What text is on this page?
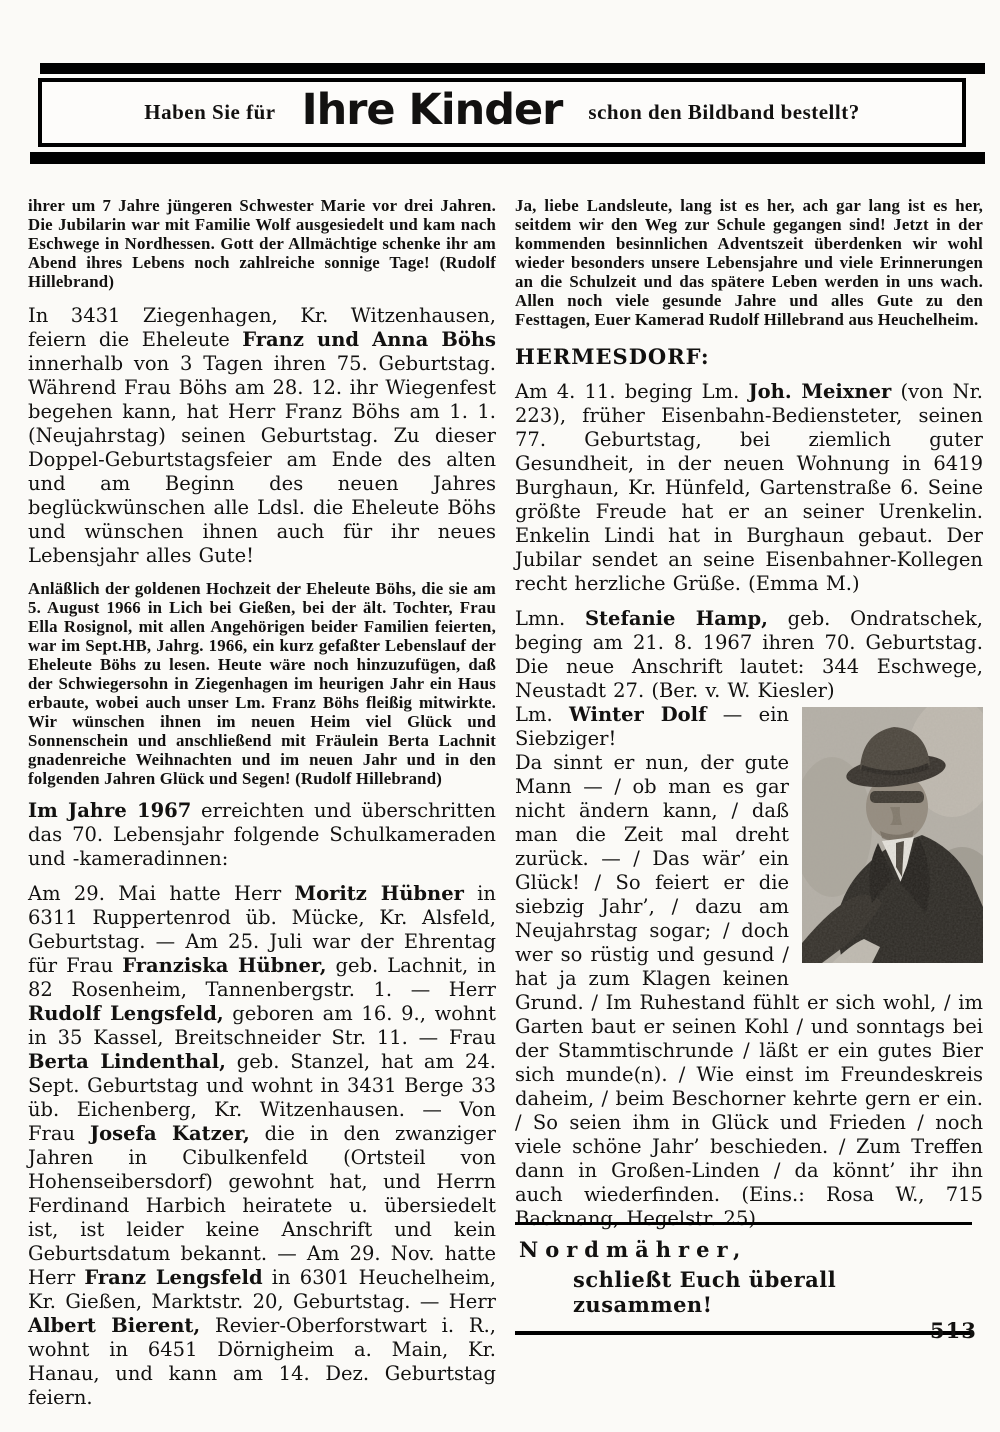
Haben Sie für Ihre Kinder schon den Bildband bestellt?

ihrer um 7 Jahre jüngeren Schwester Marie vor drei Jahren. Die Jubilarin war mit Familie Wolf ausgesiedelt und kam nach Eschwege in Nordhessen. Gott der Allmächtige schenke ihr am Abend ihres Lebens noch zahlreiche sonnige Tage! (Rudolf Hillebrand)

In 3431 Ziegenhagen, Kr. Witzenhausen, feiern die Eheleute Franz und Anna Böhs innerhalb von 3 Tagen ihren 75. Geburtstag. Während Frau Böhs am 28. 12. ihr Wiegenfest begehen kann, hat Herr Franz Böhs am 1. 1. (Neujahrstag) seinen Geburtstag. Zu dieser Doppel-Geburtstagsfeier am Ende des alten und am Beginn des neuen Jahres beglückwünschen alle Ldsl. die Eheleute Böhs und wünschen ihnen auch für ihr neues Lebensjahr alles Gute!

Anläßlich der goldenen Hochzeit der Eheleute Böhs, die sie am 5. August 1966 in Lich bei Gießen, bei der ält. Tochter, Frau Ella Rosignol, mit allen Angehörigen beider Familien feierten, war im Sept.HB, Jahrg. 1966, ein kurz gefaßter Lebenslauf der Eheleute Böhs zu lesen. Heute wäre noch hinzuzufügen, daß der Schwiegersohn in Ziegenhagen im heurigen Jahr ein Haus erbaute, wobei auch unser Lm. Franz Böhs fleißig mitwirkte. Wir wünschen ihnen im neuen Heim viel Glück und Sonnenschein und anschließend mit Fräulein Berta Lachnit gnadenreiche Weihnachten und im neuen Jahr und in den folgenden Jahren Glück und Segen! (Rudolf Hillebrand)

Im Jahre 1967 erreichten und überschritten das 70. Lebensjahr folgende Schulkameraden und -kameradinnen:

Am 29. Mai hatte Herr Moritz Hübner in 6311 Ruppertenrod üb. Mücke, Kr. Alsfeld, Geburtstag. — Am 25. Juli war der Ehrentag für Frau Franziska Hübner, geb. Lachnit, in 82 Rosenheim, Tannenbergstr. 1. — Herr Rudolf Lengsfeld, geboren am 16. 9., wohnt in 35 Kassel, Breitschneider Str. 11. — Frau Berta Lindenthal, geb. Stanzel, hat am 24. Sept. Geburtstag und wohnt in 3431 Berge 33 üb. Eichenberg, Kr. Witzenhausen. — Von Frau Josefa Katzer, die in den zwanziger Jahren in Cibulkenfeld (Ortsteil von Hohenseibersdorf) gewohnt hat, und Herrn Ferdinand Harbich heiratete u. übersiedelt ist, ist leider keine Anschrift und kein Geburtsdatum bekannt. — Am 29. Nov. hatte Herr Franz Lengsfeld in 6301 Heuchelheim, Kr. Gießen, Marktstr. 20, Geburtstag. — Herr Albert Bierent, Revier-Oberforstwart i. R., wohnt in 6451 Dörnigheim a. Main, Kr. Hanau, und kann am 14. Dez. Geburtstag feiern.

Ja, liebe Landsleute, lang ist es her, ach gar lang ist es her, seitdem wir den Weg zur Schule gegangen sind! Jetzt in der kommenden besinnlichen Adventszeit überdenken wir wohl wieder besonders unsere Lebensjahre und viele Erinnerungen an die Schulzeit und das spätere Leben werden in uns wach. Allen noch viele gesunde Jahre und alles Gute zu den Festtagen, Euer Kamerad Rudolf Hillebrand aus Heuchelheim.

HERMESDORF:

Am 4. 11. beging Lm. Joh. Meixner (von Nr. 223), früher Eisenbahn-Bediensteter, seinen 77. Geburtstag, bei ziemlich guter Gesundheit, in der neuen Wohnung in 6419 Burghaun, Kr. Hünfeld, Gartenstraße 6. Seine größte Freude hat er an seiner Urenkelin. Enkelin Lindi hat in Burghaun gebaut. Der Jubilar sendet an seine Eisenbahner-Kollegen recht herzliche Grüße. (Emma M.)

Lmn. Stefanie Hamp, geb. Ondratschek, beging am 21. 8. 1967 ihren 70. Geburtstag. Die neue Anschrift lautet: 344 Eschwege, Neustadt 27. (Ber. v. W. Kiesler)

Lm. Winter Dolf — ein Siebziger!

Da sinnt er nun, der gute Mann — / ob man es gar nicht ändern kann, / daß man die Zeit mal dreht zurück. — / Das wär’ ein Glück! / So feiert er die siebzig Jahr’, / dazu am Neujahrstag sogar; / doch wer so rüstig und gesund / hat ja zum Klagen keinen Grund. / Im Ruhestand fühlt er sich wohl, / im Garten baut er seinen Kohl / und sonntags bei der Stammtischrunde / läßt er ein gutes Bier sich munde(n). / Wie einst im Freundeskreis daheim, / beim Beschorner kehrte gern er ein. / So seien ihm in Glück und Frieden / noch viele schöne Jahr’ beschieden. / Zum Treffen dann in Großen-Linden / da könnt’ ihr ihn auch wiederfinden. (Eins.: Rosa W., 715 Backnang, Hegelstr. 25)

Nordmährer,
schließt Euch überall zusammen!
513
